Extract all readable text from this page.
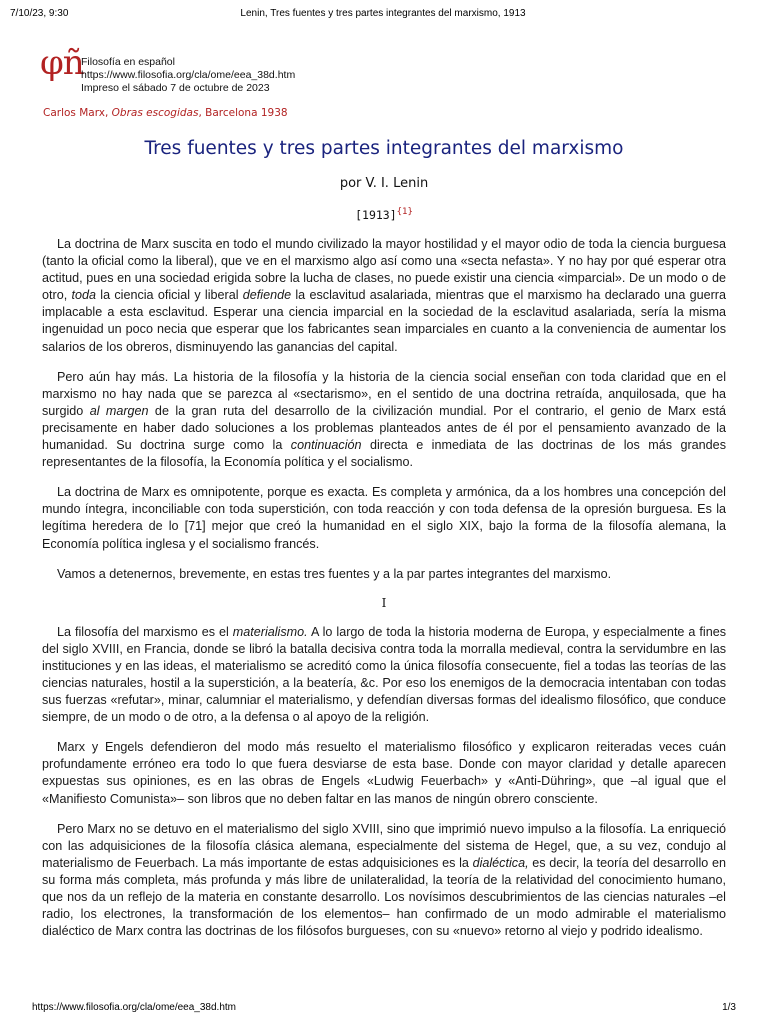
7/10/23, 9:30	Lenin, Tres fuentes y tres partes integrantes del marxismo, 1913
φñ
Filosofía en español
https://www.filosofia.org/cla/ome/eea_38d.htm
Impreso el sábado 7 de octubre de 2023
Carlos Marx, Obras escogidas, Barcelona 1938
Tres fuentes y tres partes integrantes del marxismo
por V. I. Lenin
$[1913]^{\{1\}}$

La doctrina de Marx suscita en todo el mundo civilizado la mayor hostilidad y el mayor odio de toda la ciencia burguesa (tanto la oficial como la liberal), que ve en el marxismo algo así como una «secta nefasta». Y no hay por qué esperar otra actitud, pues en una sociedad erigida sobre la lucha de clases, no puede existir una ciencia «imparcial». De un modo o de otro, toda la ciencia oficial y liberal defiende la esclavitud asalariada, mientras que el marxismo ha declarado una guerra implacable a esta esclavitud. Esperar una ciencia imparcial en la sociedad de la esclavitud asalariada, sería la misma ingenuidad un poco necia que esperar que los fabricantes sean imparciales en cuanto a la conveniencia de aumentar los salarios de los obreros, disminuyendo las ganancias del capital.

Pero aún hay más. La historia de la filosofía y la historia de la ciencia social enseñan con toda claridad que en el marxismo no hay nada que se parezca al «sectarismo», en el sentido de una doctrina retraída, anquilosada, que ha surgido al margen de la gran ruta del desarrollo de la civilización mundial. Por el contrario, el genio de Marx está precisamente en haber dado soluciones a los problemas planteados antes de él por el pensamiento avanzado de la humanidad. Su doctrina surge como la continuación directa e inmediata de las doctrinas de los más grandes representantes de la filosofía, la Economía política y el socialismo.

La doctrina de Marx es omnipotente, porque es exacta. Es completa y armónica, da a los hombres una concepción del mundo íntegra, inconciliable con toda superstición, con toda reacción y con toda defensa de la opresión burguesa. Es la legítima heredera de lo [71] mejor que creó la humanidad en el siglo XIX, bajo la forma de la filosofía alemana, la Economía política inglesa y el socialismo francés.

Vamos a detenernos, brevemente, en estas tres fuentes y a la par partes integrantes del marxismo.

I

La filosofía del marxismo es el materialismo. A lo largo de toda la historia moderna de Europa, y especialmente a fines del siglo XVIII, en Francia, donde se libró la batalla decisiva contra toda la morralla medieval, contra la servidumbre en las instituciones y en las ideas, el materialismo se acreditó como la única filosofía consecuente, fiel a todas las teorías de las ciencias naturales, hostil a la superstición, a la beatería, &c. Por eso los enemigos de la democracia intentaban con todas sus fuerzas «refutar», minar, calumniar el materialismo, y defendían diversas formas del idealismo filosófico, que conduce siempre, de un modo o de otro, a la defensa o al apoyo de la religión.

Marx y Engels defendieron del modo más resuelto el materialismo filosófico y explicaron reiteradas veces cuán profundamente erróneo era todo lo que fuera desviarse de esta base. Donde con mayor claridad y detalle aparecen expuestas sus opiniones, es en las obras de Engels «Ludwig Feuerbach» y «Anti-Dühring», que –al igual que el «Manifiesto Comunista»– son libros que no deben faltar en las manos de ningún obrero consciente.

Pero Marx no se detuvo en el materialismo del siglo XVIII, sino que imprimió nuevo impulso a la filosofía. La enriqueció con las adquisiciones de la filosofía clásica alemana, especialmente del sistema de Hegel, que, a su vez, condujo al materialismo de Feuerbach. La más importante de estas adquisiciones es la dialéctica, es decir, la teoría del desarrollo en su forma más completa, más profunda y más libre de unilateralidad, la teoría de la relatividad del conocimiento humano, que nos da un reflejo de la materia en constante desarrollo. Los novísimos descubrimientos de las ciencias naturales –el radio, los electrones, la transformación de los elementos– han confirmado de un modo admirable el materialismo dialéctico de Marx contra las doctrinas de los filósofos burgueses, con su «nuevo» retorno al viejo y podrido idealismo.

https://www.filosofia.org/cla/ome/eea_38d.htm	1/3
